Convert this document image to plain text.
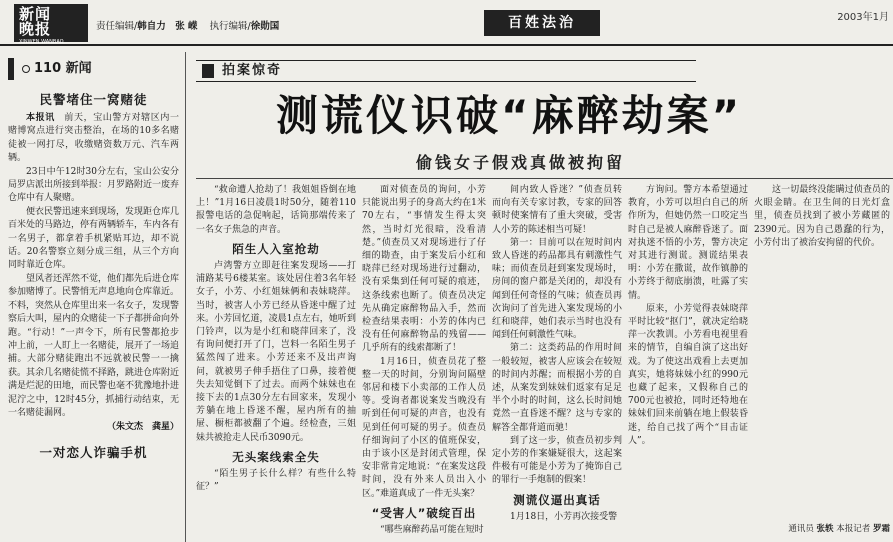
新闻
晚报
XINWEN WANBAO
责任编辑/韩自力　张 嵘 执行编辑/徐勋国	百姓法治	2003年1月
110 新闻
民警堵住一窝赌徒

本报讯　 前天，宝山警方对辖区内一赌博窝点进行突击整治，在场的10多名赌徒被一网打尽，收缴赌资数万元、汽车两辆。

23日中午12时30分左右，宝山公安分局罗店派出所接到举报：月罗路附近一废弃仓库中有人聚赌。

便衣民警迅速来到现场，发现距仓库几百米处的马路边，停有两辆轿车，车内各有一名男子，都拿着手机紧贴耳边，却不说话。20名警察立刻分成三组，从三个方向同时靠近仓库。

望风者还浑然不觉，他们都先后进仓库参加赌博了。民警悄无声息地向仓库靠近。不料，突然从仓库里出来一名女子，发现警察后大叫，屋内的众赌徒一下子都拼命向外跑。“行动！”一声令下，所有民警都抢步冲上前，一人盯上一名赌徒，展开了一场追捕。大部分赌徒跑出不远就被民警一一擒获。其余几名赌徒慌不择路，跳进仓库附近满是烂泥的田地，而民警也毫不犹豫地扑进泥泞之中，12时45分，抓捕行动结束，无一名赌徒漏网。

（朱文杰　龚星）
一对恋人诈骗手机
拍案惊奇
测谎仪识破“麻醉劫案”
偷钱女子假戏真做被拘留

“救命遭人抢劫了！我姐姐昏倒在地上！”1月16日凌晨1时50分，随着110报警电话的急促响起，话筒那端传来了一名女子焦急的声音。

陌生人入室抢劫

卢湾警方立即赶往案发现场——打浦路某号6楼某室。该处居住着3名年轻女子，小芳、小红姐妹俩和表妹晓萍。当时，被害人小芳已经从昏迷中醒了过来。小芳回忆道，凌晨1点左右，她听到门铃声，以为是小红和晓萍回来了，没有询问便打开了门，岂料一名陌生男子猛然闯了进来。小芳还来不及出声询问，就被男子伸手捂住了口鼻，接着便失去知觉倒下了过去。而两个妹妹也在接下去的1点30分左右回家来，发现小芳躺在地上昏迷不醒，屋内所有的抽屉、橱柜都被翻了个遍。经检查，三姐妹共被抢走人民币3090元。

无头案线索全失

“陌生男子长什么样？有些什么特征？”

面对侦查员的询问，小芳只能说出男子的身高大约在1米70左右，“事情发生得太突然，当时灯光很暗，没看清楚。”侦查员又对现场进行了仔细的勘查，由于案发后小红和晓萍已经对现场进行过翻动，没有采集到任何可疑的痕迹，这条线索也断了。侦查员决定先从确定麻醉物品入手，然而检查结果表明：小芳的体内已没有任何麻醉物品的残留——几乎所有的线索都断了！

1月16日，侦查员花了整整一天的时间，分别询问隔壁邻居和楼下小卖部的工作人员等。受询者都说案发当晚没有听到任何可疑的声音，也没有见到任何可疑的男子。侦查员仔细询问了小区的值班保安，由于该小区是封闭式管理，保安非常肯定地说：“在案发这段时间，没有外来人员出入小区。”难道真成了一件无头案？

“受害人”破绽百出

“哪些麻醉药品可能在短时

间内致人昏迷？”侦查员转而向有关专家讨教，专家的回答顿时使案情有了重大突破，受害人小芳的陈述相当可疑！

第一：目前可以在短时间内致人昏迷的药品都具有刺激性气味；而侦查员赶到案发现场时，房间的窗户都是关闭的，却没有闻到任何奇怪的气味；侦查员再次询问了首先进入案发现场的小红和晓萍，她们表示当时也没有闻到任何刺激性气味。

第二：这类药品的作用时间一般较短，被害人应该会在较短的时间内苏醒；而根据小芳的自述，从案发到妹妹们返家有足足半个小时的时间，这么长时间她竟然一直昏迷不醒？这与专家的解答全都背道而驰！

到了这一步，侦查员初步判定小芳的作案嫌疑很大，这起案件极有可能是小芳为了掩饰自己的罪行一手炮制的假案！

测谎仪逼出真话

1月18日，小芳再次接受警

方询问。警方本希望通过教育，小芳可以坦白自己的所作所为，但她仍然一口咬定当时自己是被人麻醉昏迷了。面对执迷不悟的小芳，警方决定对其进行测谎。测谎结果表明：小芳在撒谎，故作镇静的小芳终于彻底崩溃，吐露了实情。

原来，小芳觉得表妹晓萍平时比较“抠门”，就决定给晓萍一次教训。小芳看电视里看来的情节，自编自演了这出好戏。为了使这出戏看上去更加真实，她将妹妹小红的990元也藏了起来，又假称自己的700元也被抢，同时还特地在妹妹们回来前躺在地上假装昏迷，给自己找了两个“目击证人”。

这一切最终没能瞒过侦查员的火眼金睛。在卫生间的日光灯盒里，侦查员找到了被小芳藏匿的2390元。因为自己愚蠢的行为，小芳付出了被治安拘留的代价。

通讯员 张轶 本报记者 罗霜
